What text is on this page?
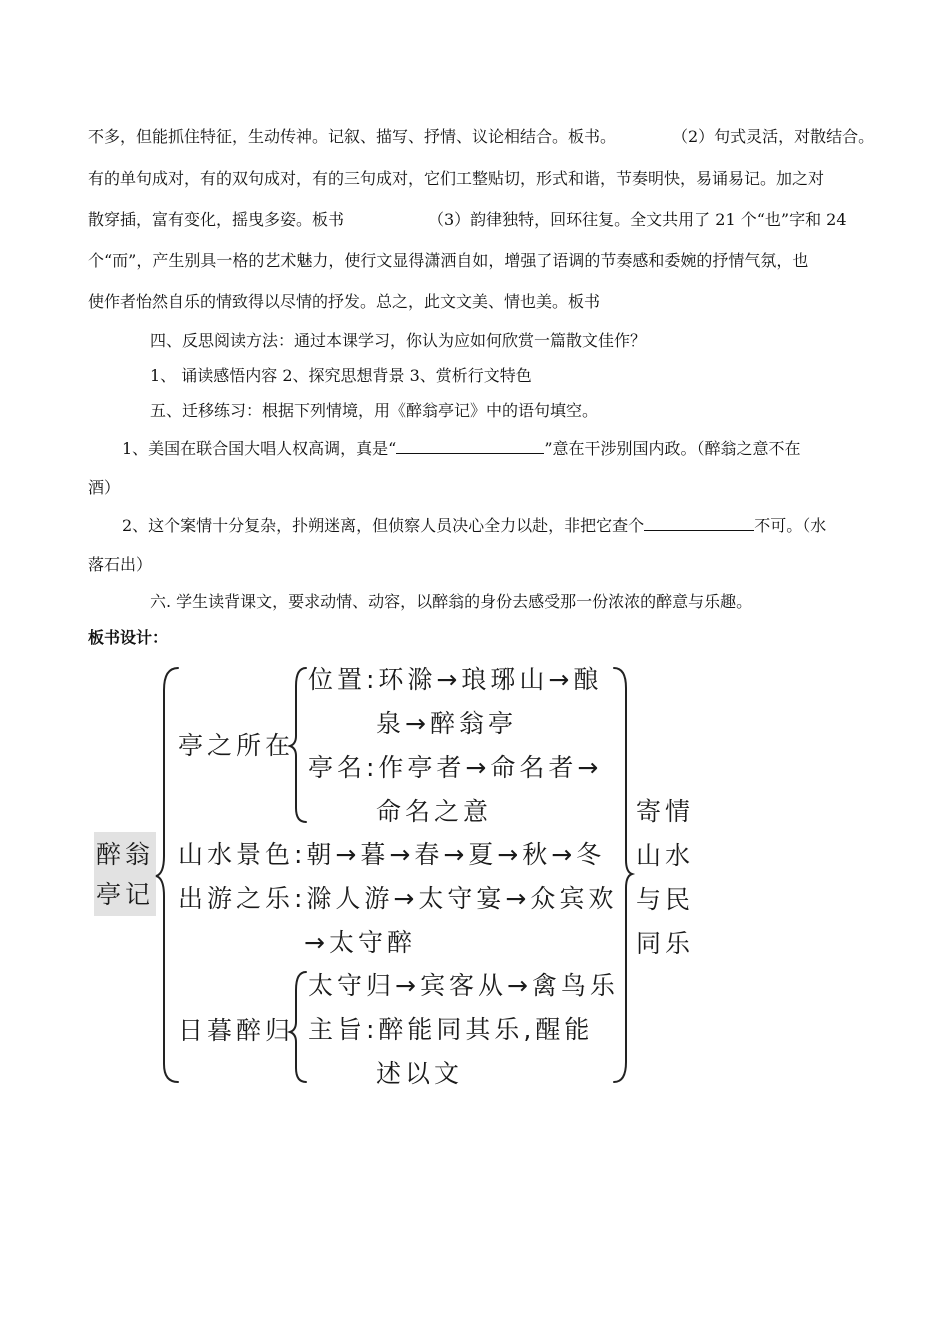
不多，但能抓住特征，生动传神。记叙、描写、抒情、议论相结合。板书。	（2）句式灵活，对散结合。
有的单句成对，有的双句成对，有的三句成对，它们工整贴切，形式和谐，节奏明快，易诵易记。加之对
散穿插，富有变化，摇曳多姿。板书	（3）韵律独特，回环往复。全文共用了 21 个“也”字和 24
个“而”，产生别具一格的艺术魅力，使行文显得潇洒自如，增强了语调的节奏感和委婉的抒情气氛，也
使作者怡然自乐的情致得以尽情的抒发。总之，此文文美、情也美。板书
四、反思阅读方法：通过本课学习，你认为应如何欣赏一篇散文佳作？
1、 诵读感悟内容 2、探究思想背景 3、赏析行文特色
五、迁移练习：根据下列情境，用《醉翁亭记》中的语句填空。
1、美国在联合国大唱人权高调，真是“	”意在干涉别国内政。（醉翁之意不在
酒）
2、这个案情十分复杂，扑朔迷离，但侦察人员决心全力以赴，非把它查个	不可。（水
落石出）
六. 学生读背课文，要求动情、动容，以醉翁的身份去感受那一份浓浓的醉意与乐趣。
板书设计：
醉翁
亭记
亭之所在
位置:环滁→琅琊山→酿
泉→醉翁亭
亭名:作亭者→命名者→
命名之意
山水景色:朝→暮→春→夏→秋→冬
出游之乐:滁人游→太守宴→众宾欢
→太守醉
日暮醉归
太守归→宾客从→禽鸟乐
主旨:醉能同其乐,醒能
述以文
寄情
山水
与民
同乐
